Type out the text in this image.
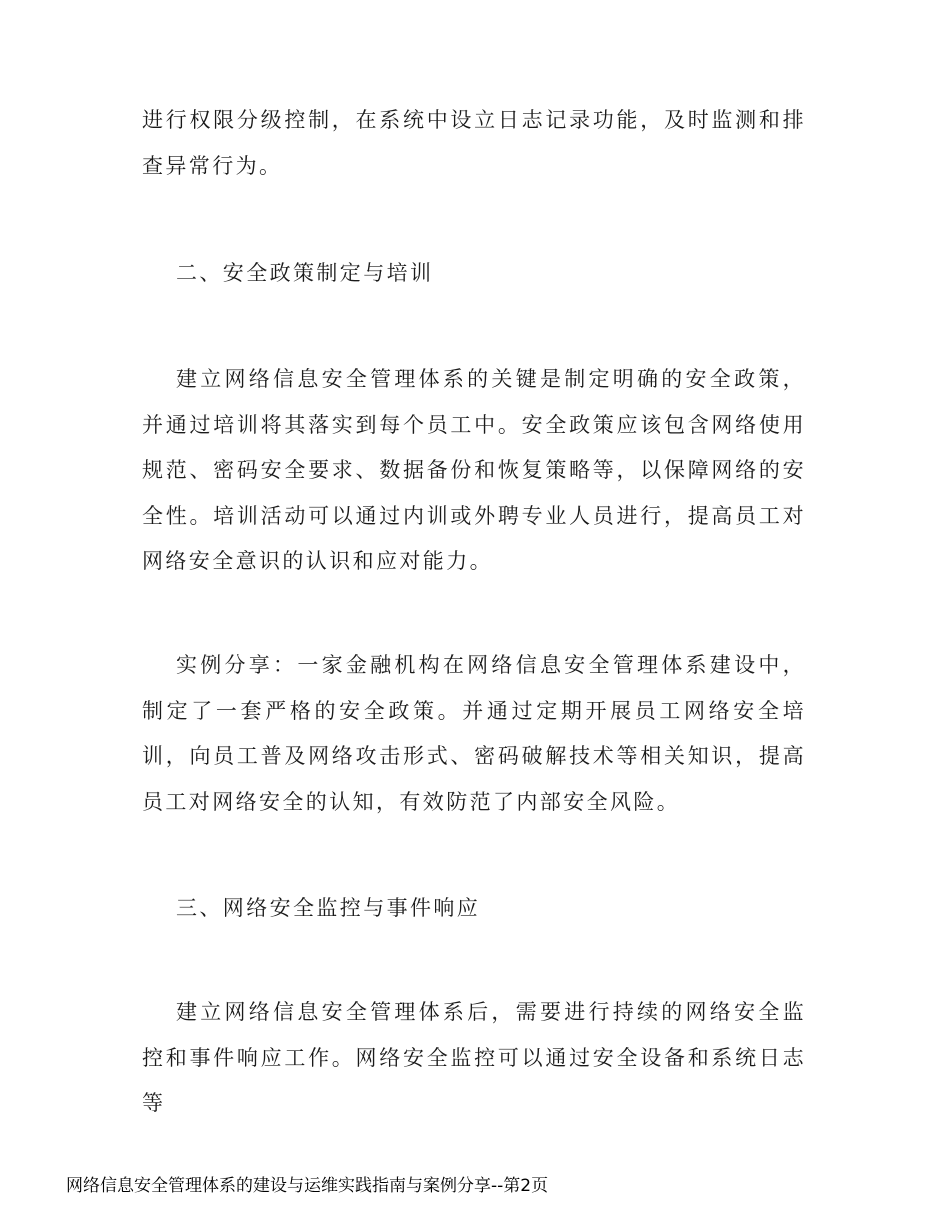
进行权限分级控制，在系统中设立日志记录功能，及时监测和排查异常行为。

二、安全政策制定与培训

建立网络信息安全管理体系的关键是制定明确的安全政策，并通过培训将其落实到每个员工中。安全政策应该包含网络使用规范、密码安全要求、数据备份和恢复策略等，以保障网络的安全性。培训活动可以通过内训或外聘专业人员进行，提高员工对网络安全意识的认识和应对能力。

实例分享：一家金融机构在网络信息安全管理体系建设中，制定了一套严格的安全政策。并通过定期开展员工网络安全培训，向员工普及网络攻击形式、密码破解技术等相关知识，提高员工对网络安全的认知，有效防范了内部安全风险。

三、网络安全监控与事件响应

建立网络信息安全管理体系后，需要进行持续的网络安全监控和事件响应工作。网络安全监控可以通过安全设备和系统日志等

网络信息安全管理体系的建设与运维实践指南与案例分享--第2页
